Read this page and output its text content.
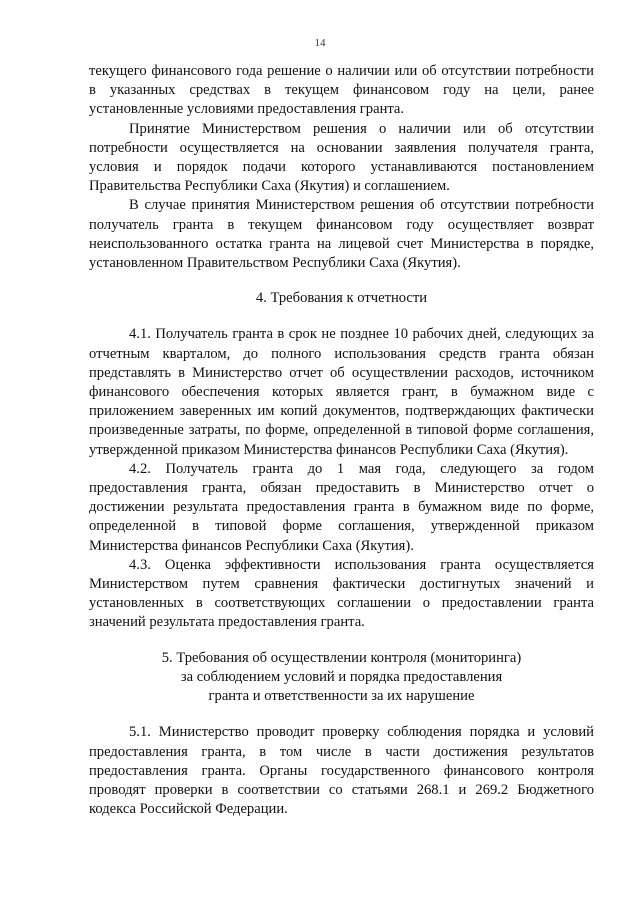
14

текущего финансового года решение о наличии или об отсутствии потребности в указанных средствах в текущем финансовом году на цели, ранее установленные условиями предоставления гранта.

Принятие Министерством решения о наличии или об отсутствии потребности осуществляется на основании заявления получателя гранта, условия и порядок подачи которого устанавливаются постановлением Правительства Республики Саха (Якутия) и соглашением.

В случае принятия Министерством решения об отсутствии потребности получатель гранта в текущем финансовом году осуществляет возврат неиспользованного остатка гранта на лицевой счет Министерства в порядке, установленном Правительством Республики Саха (Якутия).

4. Требования к отчетности

4.1. Получатель гранта в срок не позднее 10 рабочих дней, следующих за отчетным кварталом, до полного использования средств гранта обязан представлять в Министерство отчет об осуществлении расходов, источником финансового обеспечения которых является грант, в бумажном виде с приложением заверенных им копий документов, подтверждающих фактически произведенные затраты, по форме, определенной в типовой форме соглашения, утвержденной приказом Министерства финансов Республики Саха (Якутия).

4.2. Получатель гранта до 1 мая года, следующего за годом предоставления гранта, обязан предоставить в Министерство отчет о достижении результата предоставления гранта в бумажном виде по форме, определенной в типовой форме соглашения, утвержденной приказом Министерства финансов Республики Саха (Якутия).

4.3. Оценка эффективности использования гранта осуществляется Министерством путем сравнения фактически достигнутых значений и установленных в соответствующих соглашении о предоставлении гранта значений результата предоставления гранта.

5. Требования об осуществлении контроля (мониторинга)
за соблюдением условий и порядка предоставления
гранта и ответственности за их нарушение

5.1. Министерство проводит проверку соблюдения порядка и условий предоставления гранта, в том числе в части достижения результатов предоставления гранта. Органы государственного финансового контроля проводят проверки в соответствии со статьями 268.1 и 269.2 Бюджетного кодекса Российской Федерации.
